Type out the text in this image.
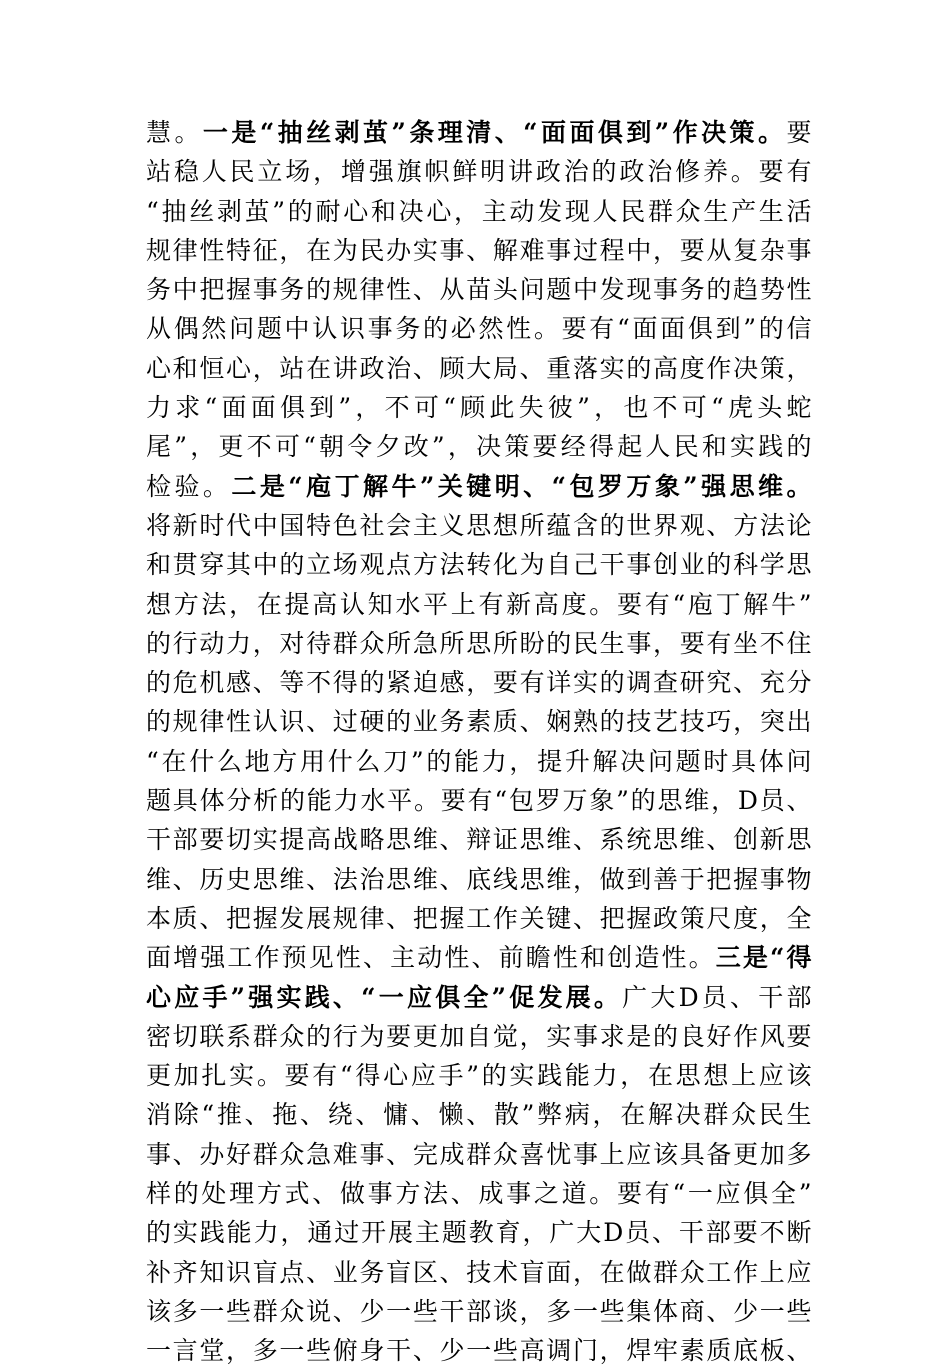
慧。一是“抽丝剥茧”条理清、“面面俱到”作决策。要
站稳人民立场，增强旗帜鲜明讲政治的政治修养。要有
“抽丝剥茧”的耐心和决心，主动发现人民群众生产生活
规律性特征，在为民办实事、解难事过程中，要从复杂事
务中把握事务的规律性、从苗头问题中发现事务的趋势性
从偶然问题中认识事务的必然性。要有“面面俱到”的信
心和恒心，站在讲政治、顾大局、重落实的高度作决策，
力求“面面俱到”，不可“顾此失彼”，也不可“虎头蛇
尾”，更不可“朝令夕改”，决策要经得起人民和实践的
检验。二是“庖丁解牛”关键明、“包罗万象”强思维。
将新时代中国特色社会主义思想所蕴含的世界观、方法论
和贯穿其中的立场观点方法转化为自己干事创业的科学思
想方法，在提高认知水平上有新高度。要有“庖丁解牛”
的行动力，对待群众所急所思所盼的民生事，要有坐不住
的危机感、等不得的紧迫感，要有详实的调查研究、充分
的规律性认识、过硬的业务素质、娴熟的技艺技巧，突出
“在什么地方用什么刀”的能力，提升解决问题时具体问
题具体分析的能力水平。要有“包罗万象”的思维，D员、
干部要切实提高战略思维、辩证思维、系统思维、创新思
维、历史思维、法治思维、底线思维，做到善于把握事物
本质、把握发展规律、把握工作关键、把握政策尺度，全
面增强工作预见性、主动性、前瞻性和创造性。三是“得
心应手”强实践、“一应俱全”促发展。广大D员、干部
密切联系群众的行为要更加自觉，实事求是的良好作风要
更加扎实。要有“得心应手”的实践能力，在思想上应该
消除“推、拖、绕、慵、懒、散”弊病，在解决群众民生
事、办好群众急难事、完成群众喜忧事上应该具备更加多
样的处理方式、做事方法、成事之道。要有“一应俱全”
的实践能力，通过开展主题教育，广大D员、干部要不断
补齐知识盲点、业务盲区、技术盲面，在做群众工作上应
该多一些群众说、少一些干部谈，多一些集体商、少一些
一言堂，多一些俯身干、少一些高调门，焊牢素质底板、
